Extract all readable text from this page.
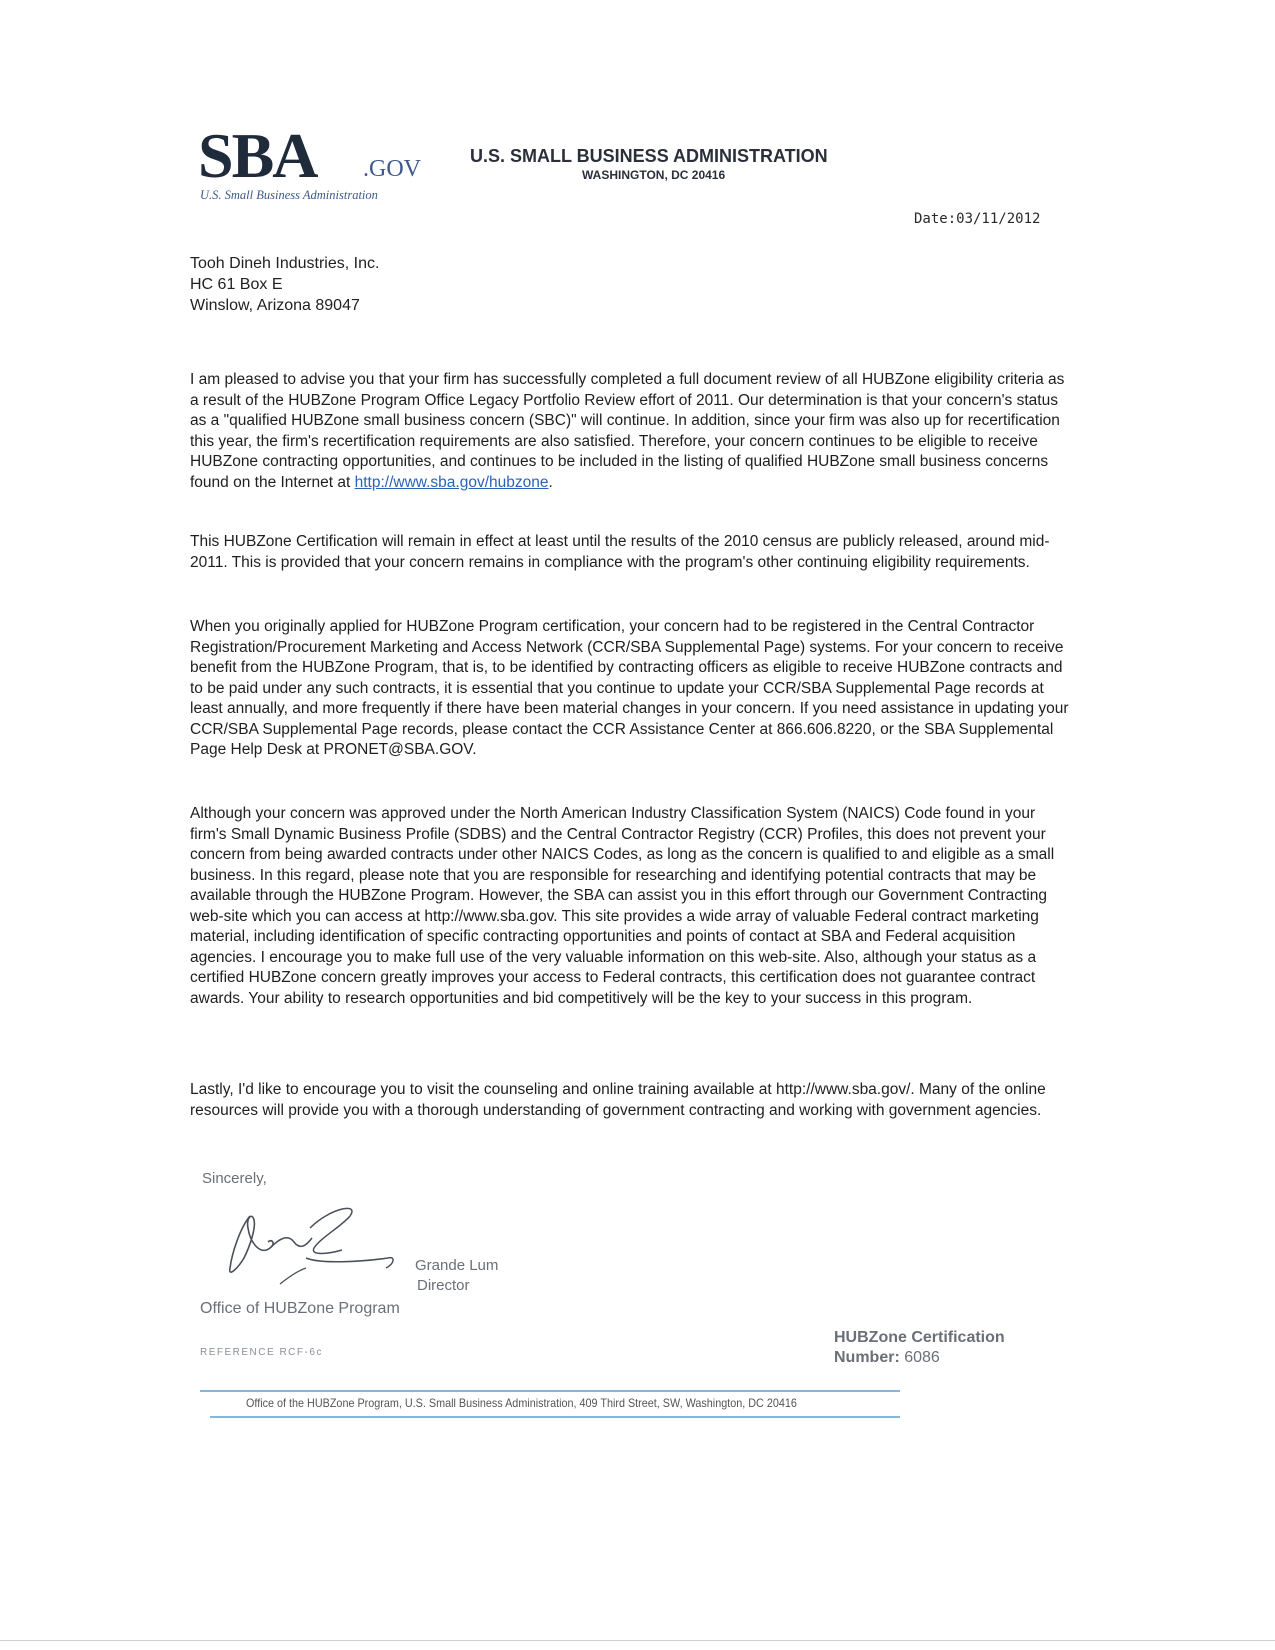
SBA .GOV
U.S. Small Business Administration
U.S. SMALL BUSINESS ADMINISTRATION
WASHINGTON, DC 20416
Date:03/11/2012
Tooh Dineh Industries, Inc.
HC 61 Box E
Winslow, Arizona 89047

I am pleased to advise you that your firm has successfully completed a full document review of all HUBZone eligibility criteria as a result of the HUBZone Program Office Legacy Portfolio Review effort of 2011. Our determination is that your concern's status as a "qualified HUBZone small business concern (SBC)" will continue. In addition, since your firm was also up for recertification this year, the firm's recertification requirements are also satisfied. Therefore, your concern continues to be eligible to receive HUBZone contracting opportunities, and continues to be included in the listing of qualified HUBZone small business concerns found on the Internet at http://www.sba.gov/hubzone.

This HUBZone Certification will remain in effect at least until the results of the 2010 census are publicly released, around mid-2011. This is provided that your concern remains in compliance with the program's other continuing eligibility requirements.

When you originally applied for HUBZone Program certification, your concern had to be registered in the Central Contractor Registration/Procurement Marketing and Access Network (CCR/SBA Supplemental Page) systems. For your concern to receive benefit from the HUBZone Program, that is, to be identified by contracting officers as eligible to receive HUBZone contracts and to be paid under any such contracts, it is essential that you continue to update your CCR/SBA Supplemental Page records at least annually, and more frequently if there have been material changes in your concern. If you need assistance in updating your CCR/SBA Supplemental Page records, please contact the CCR Assistance Center at 866.606.8220, or the SBA Supplemental Page Help Desk at PRONET@SBA.GOV.

Although your concern was approved under the North American Industry Classification System (NAICS) Code found in your firm's Small Dynamic Business Profile (SDBS) and the Central Contractor Registry (CCR) Profiles, this does not prevent your concern from being awarded contracts under other NAICS Codes, as long as the concern is qualified to and eligible as a small business. In this regard, please note that you are responsible for researching and identifying potential contracts that may be available through the HUBZone Program. However, the SBA can assist you in this effort through our Government Contracting web-site which you can access at http://www.sba.gov. This site provides a wide array of valuable Federal contract marketing material, including identification of specific contracting opportunities and points of contact at SBA and Federal acquisition agencies. I encourage you to make full use of the very valuable information on this web-site. Also, although your status as a certified HUBZone concern greatly improves your access to Federal contracts, this certification does not guarantee contract awards. Your ability to research opportunities and bid competitively will be the key to your success in this program.

Lastly, I'd like to encourage you to visit the counseling and online training available at http://www.sba.gov/. Many of the online resources will provide you with a thorough understanding of government contracting and working with government agencies.

Sincerely,
Grande Lum
Director
Office of HUBZone Program
REFERENCE RCF-6c
HUBZone Certification
Number: 6086
Office of the HUBZone Program, U.S. Small Business Administration, 409 Third Street, SW, Washington, DC 20416
